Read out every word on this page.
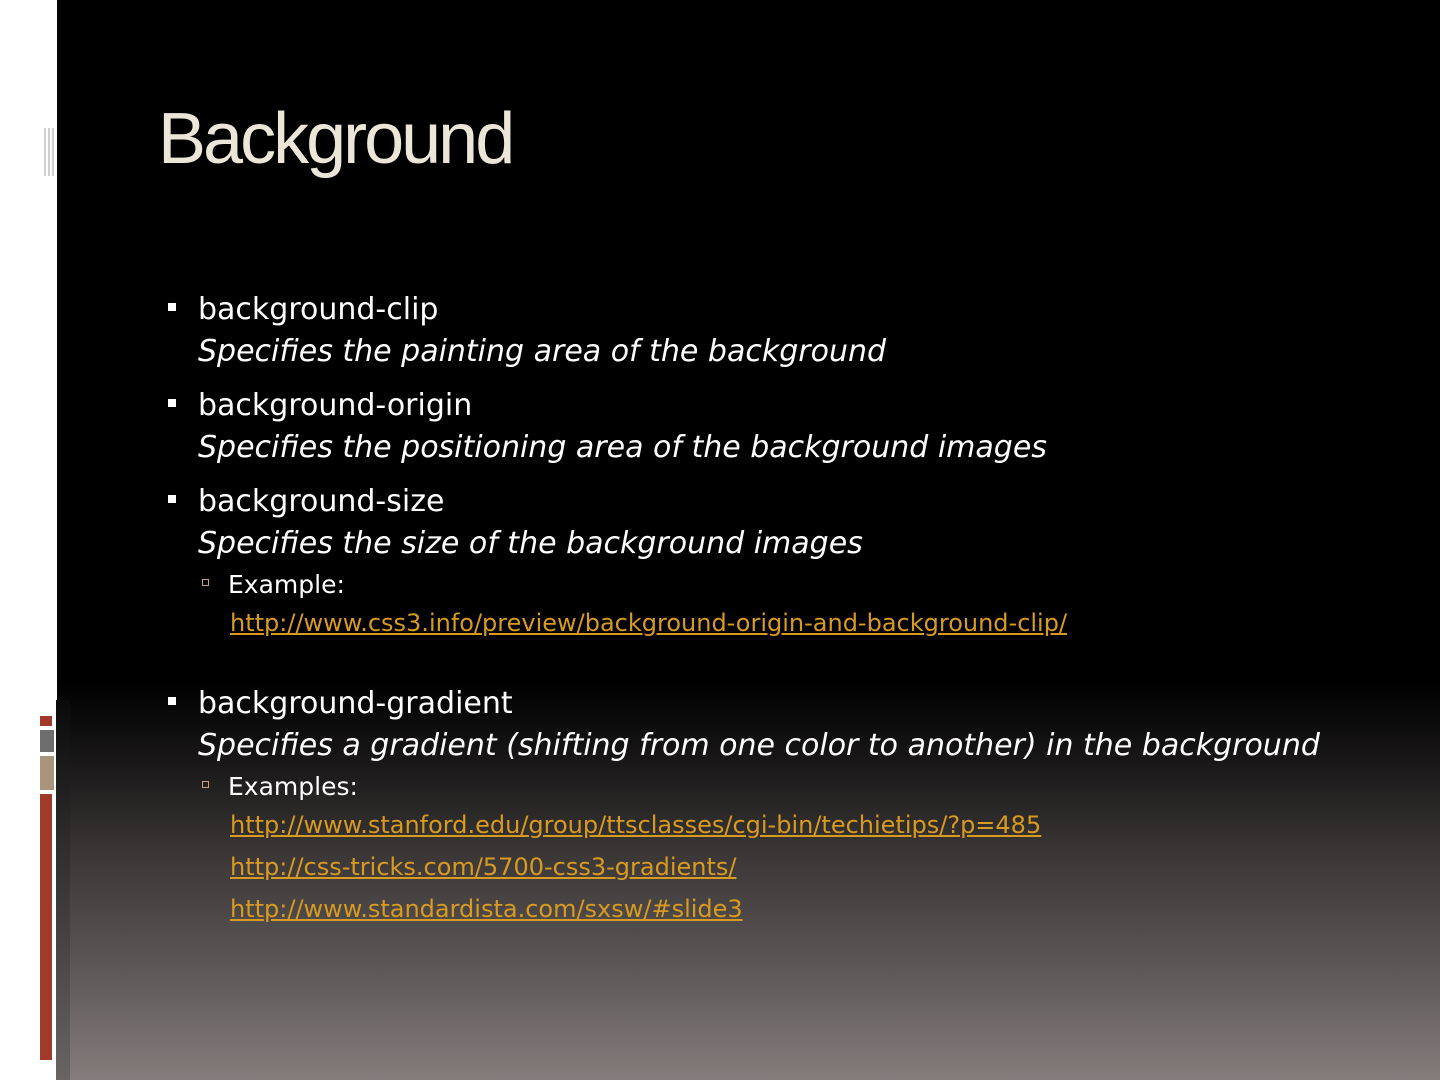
Background
background-clip
Specifies the painting area of the background
background-origin
Specifies the positioning area of the background images
background-size
Specifies the size of the background images
Example:
http://www.css3.info/preview/background-origin-and-background-clip/
background-gradient
Specifies a gradient (shifting from one color to another) in the background
Examples:
http://www.stanford.edu/group/ttsclasses/cgi-bin/techietips/?p=485
http://css-tricks.com/5700-css3-gradients/
http://www.standardista.com/sxsw/#slide3
